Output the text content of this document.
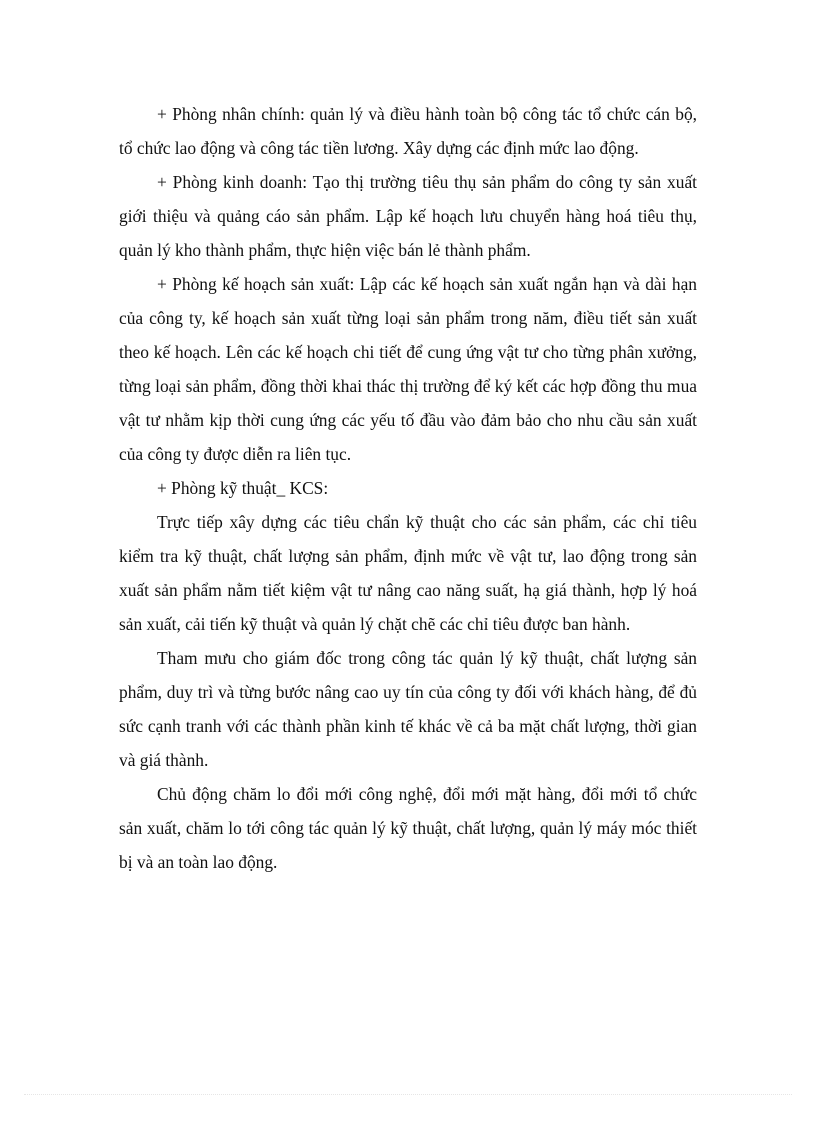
+ Phòng nhân chính: quản lý và điều hành toàn bộ công tác tổ chức cán bộ, tổ chức lao động và công tác tiền lương. Xây dựng các định mức lao động.

+ Phòng kinh doanh: Tạo thị trường tiêu thụ sản phẩm do công ty sản xuất giới thiệu và quảng cáo sản phẩm. Lập kế hoạch lưu chuyển hàng hoá tiêu thụ, quản lý kho thành phẩm, thực hiện việc bán lẻ thành phẩm.

+ Phòng kế hoạch sản xuất: Lập các kế hoạch sản xuất ngắn hạn và dài hạn của công ty, kế hoạch sản xuất từng loại sản phẩm trong năm, điều tiết sản xuất theo kế hoạch. Lên các kế hoạch chi tiết để cung ứng vật tư cho từng phân xưởng, từng loại sản phẩm, đồng thời khai thác thị trường để ký kết các hợp đồng thu mua vật tư nhằm kịp thời cung ứng các yếu tố đầu vào đảm bảo cho nhu cầu sản xuất của công ty được diễn ra liên tục.

+ Phòng kỹ thuật_ KCS:

Trực tiếp xây dựng các tiêu chẩn kỹ thuật cho các sản phẩm, các chỉ tiêu kiểm tra kỹ thuật, chất lượng sản phẩm, định mức về vật tư, lao động trong sản xuất sản phẩm nằm tiết kiệm vật tư nâng cao năng suất, hạ giá thành, hợp lý hoá sản xuất, cải tiến kỹ thuật và quản lý chặt chẽ các chỉ tiêu được ban hành.

Tham mưu cho giám đốc trong công tác quản lý kỹ thuật, chất lượng sản phẩm, duy trì và từng bước nâng cao uy tín của công ty đối với khách hàng, để đủ sức cạnh tranh với các thành phần kinh tế khác về cả ba mặt chất lượng, thời gian và giá thành.

Chủ động chăm lo đổi mới công nghệ, đổi mới mặt hàng, đổi mới tổ chức sản xuất, chăm lo tới công tác quản lý kỹ thuật, chất lượng, quản lý máy móc thiết bị và an toàn lao động.
